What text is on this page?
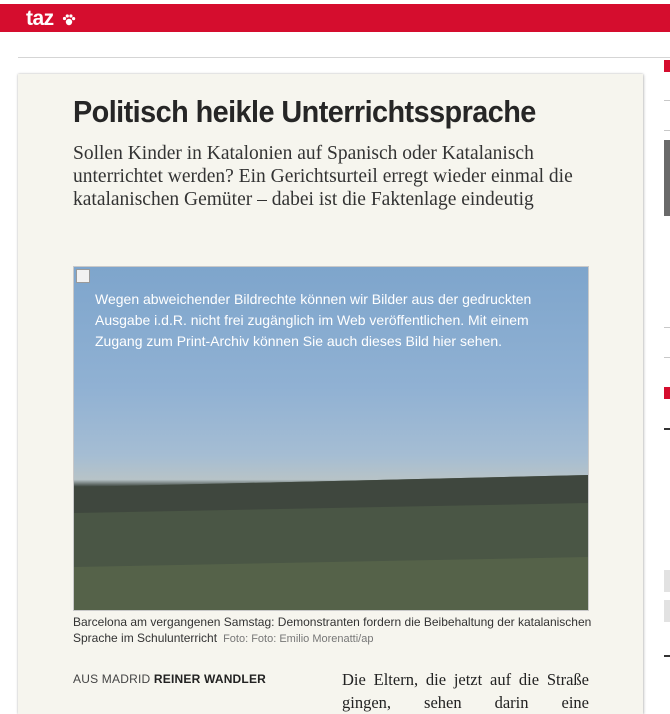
taz
Politisch heikle Unterrichtssprache

Sollen Kinder in Katalonien auf Spanisch oder Katalanisch unterrichtet werden? Ein Gerichtsurteil erregt wieder einmal die katalanischen Gemüter – dabei ist die Faktenlage eindeutig

Wegen abweichender Bildrechte können wir Bilder aus der gedruckten Ausgabe i.d.R. nicht frei zugänglich im Web veröffentlichen. Mit einem Zugang zum Print-Archiv können Sie auch dieses Bild hier sehen.
Barcelona am vergangenen Samstag: Demonstranten fordern die Beibehaltung der katalanischen Sprache im Schulunterricht Foto: Foto: Emilio Morenatti/ap
AUS MADRID REINER WANDLER	Die Eltern, die jetzt auf die Straße gingen, sehen darin eine
